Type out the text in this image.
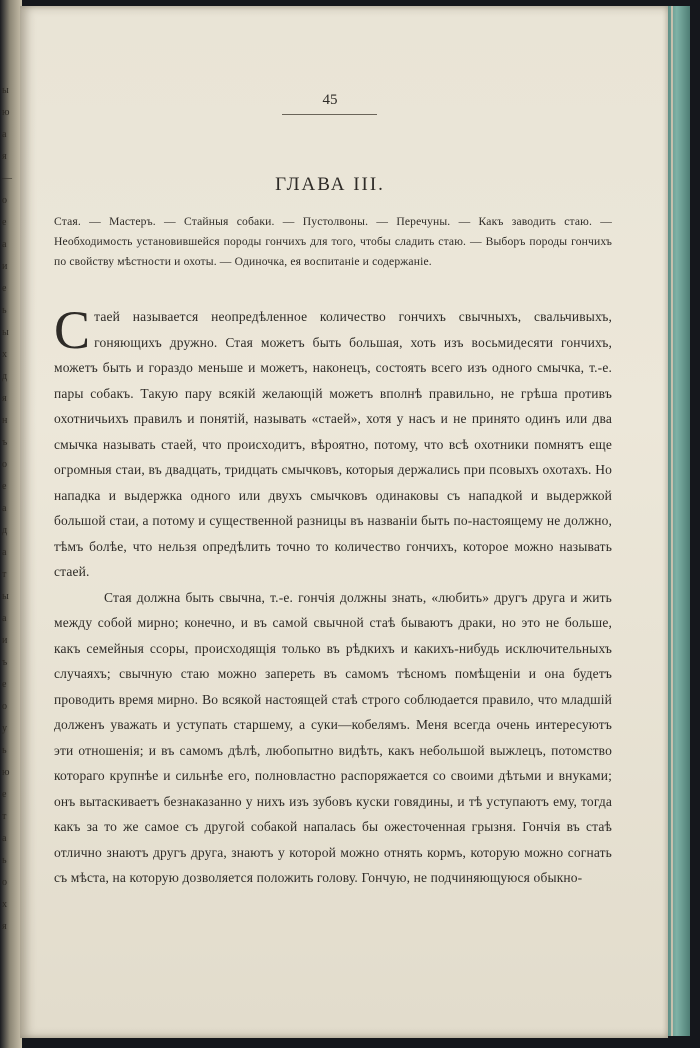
ы
ю
а
я
—
о
е
а
и
е
ь
ы
х
д
я
н
ъ
о
е
а
д
а
т
ы
а
и
ъ
е
о
у
ь
ю
е
т
а
ь
о
х
я
45
ГЛАВА III.
Стая. — Мастеръ. — Стайныя собаки. — Пустолвоны. — Перечуны. — Какъ заводить стаю. — Необходимость установившейся породы гончихъ для того, чтобы сладить стаю. — Выборъ породы гончихъ по свойству мѣстности и охоты. — Одиночка, ея воспитаніе и содержаніе.

Стаей называется неопредѣленное количество гончихъ свычныхъ, свальчивыхъ, гоняющихъ дружно. Стая можетъ быть большая, хоть изъ восьмидесяти гончихъ, можетъ быть и гораздо меньше и можетъ, наконецъ, состоять всего изъ одного смычка, т.-е. пары собакъ. Такую пару всякій желающій можетъ вполнѣ правильно, не грѣша противъ охотничьихъ правилъ и понятій, называть «стаей», хотя у насъ и не принято одинъ или два смычка называть стаей, что происходитъ, вѣроятно, потому, что всѣ охотники помнятъ еще огромныя стаи, въ двадцать, тридцать смычковъ, которыя держались при псовыхъ охотахъ. Но нападка и выдержка одного или двухъ смычковъ одинаковы съ нападкой и выдержкой большой стаи, а потому и существенной разницы въ названіи быть по-настоящему не должно, тѣмъ болѣе, что нельзя опредѣлить точно то количество гончихъ, которое можно называть стаей.

Стая должна быть свычна, т.-е. гончія должны знать, «любить» другъ друга и жить между собой мирно; конечно, и въ самой свычной стаѣ бываютъ драки, но это не больше, какъ семейныя ссоры, происходящія только въ рѣдкихъ и какихъ-нибудь исключительныхъ случаяхъ; свычную стаю можно запереть въ самомъ тѣсномъ помѣщеніи и она будетъ проводить время мирно. Во всякой настоящей стаѣ строго соблюдается правило, что младшій долженъ уважать и уступать старшему, а суки—кобелямъ. Меня всегда очень интересуютъ эти отношенія; и въ самомъ дѣлѣ, любопытно видѣть, какъ небольшой выжлецъ, потомство котораго крупнѣе и сильнѣе его, полновластно распоряжается со своими дѣтьми и внуками; онъ вытаскиваетъ безнаказанно у нихъ изъ зубовъ куски говядины, и тѣ уступаютъ ему, тогда какъ за то же самое съ другой собакой напалась бы ожесточенная грызня. Гончія въ стаѣ отлично знаютъ другъ друга, знаютъ у которой можно отнять кормъ, которую можно согнать съ мѣста, на которую дозволяется положить голову. Гончую, не подчиняющуюся обыкно-
